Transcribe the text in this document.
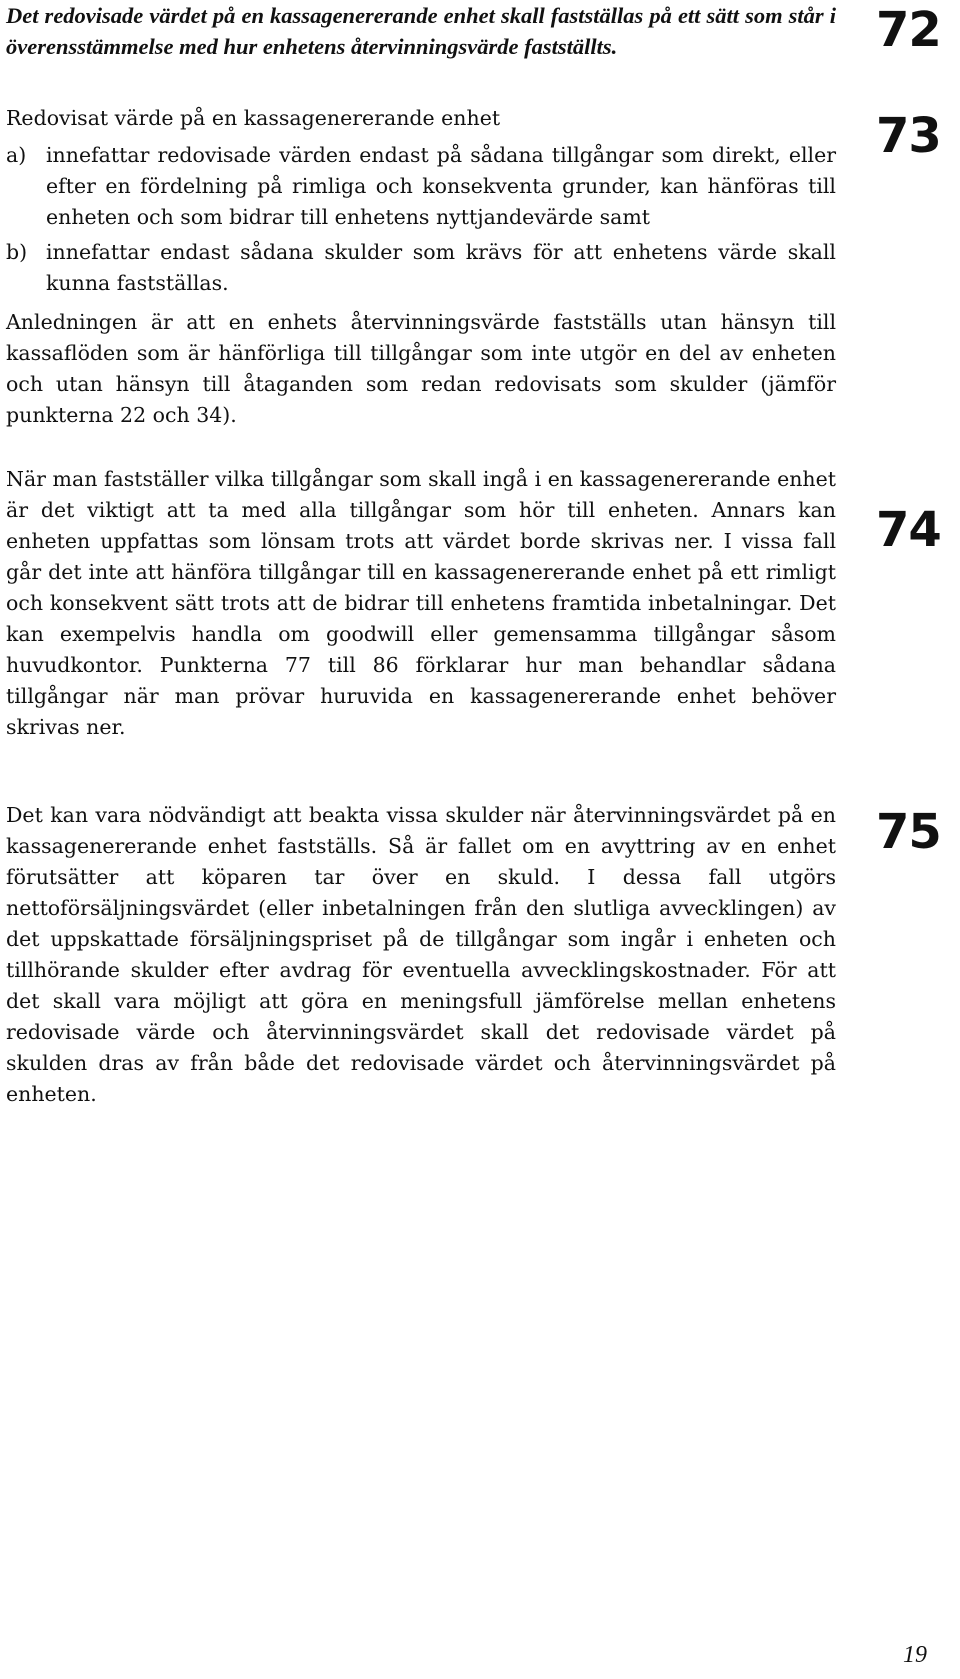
Det redovisade värdet på en kassagenererande enhet skall fastställas på ett sätt som står i överensstämmelse med hur enhetens återvinningsvärde fastställts.	72

Redovisat värde på en kassagenererande enhet

a) innefattar redovisade värden endast på sådana tillgångar som direkt, eller efter en fördelning på rimliga och konsekventa grunder, kan hänföras till enheten och som bidrar till enhetens nyttjandevärde samt
b) innefattar endast sådana skulder som krävs för att enhetens värde skall kunna fastställas.

Anledningen är att en enhets återvinningsvärde fastställs utan hänsyn till kassaflöden som är hänförliga till tillgångar som inte utgör en del av enheten och utan hänsyn till åtaganden som redan redovisats som skulder (jämför punkterna 22 och 34).

73

När man fastställer vilka tillgångar som skall ingå i en kassagenererande enhet är det viktigt att ta med alla tillgångar som hör till enheten. Annars kan enheten uppfattas som lönsam trots att värdet borde skrivas ner. I vissa fall går det inte att hänföra tillgångar till en kassagenererande enhet på ett rimligt och konsekvent sätt trots att de bidrar till enhetens framtida inbetalningar. Det kan exempelvis handla om goodwill eller gemensamma tillgångar såsom huvudkontor. Punkterna 77 till 86 förklarar hur man behandlar sådana tillgångar när man prövar huruvida en kassagenererande enhet behöver skrivas ner.

74

Det kan vara nödvändigt att beakta vissa skulder när återvinningsvärdet på en kassagenererande enhet fastställs. Så är fallet om en avyttring av en enhet förutsätter att köparen tar över en skuld. I dessa fall utgörs nettoförsäljningsvärdet (eller inbetalningen från den slutliga avvecklingen) av det uppskattade försäljningspriset på de tillgångar som ingår i enheten och tillhörande skulder efter avdrag för eventuella avvecklingskostnader. För att det skall vara möjligt att göra en meningsfull jämförelse mellan enhetens redovisade värde och återvinningsvärdet skall det redovisade värdet på skulden dras av från både det redovisade värdet och återvinningsvärdet på enheten.

75
19
